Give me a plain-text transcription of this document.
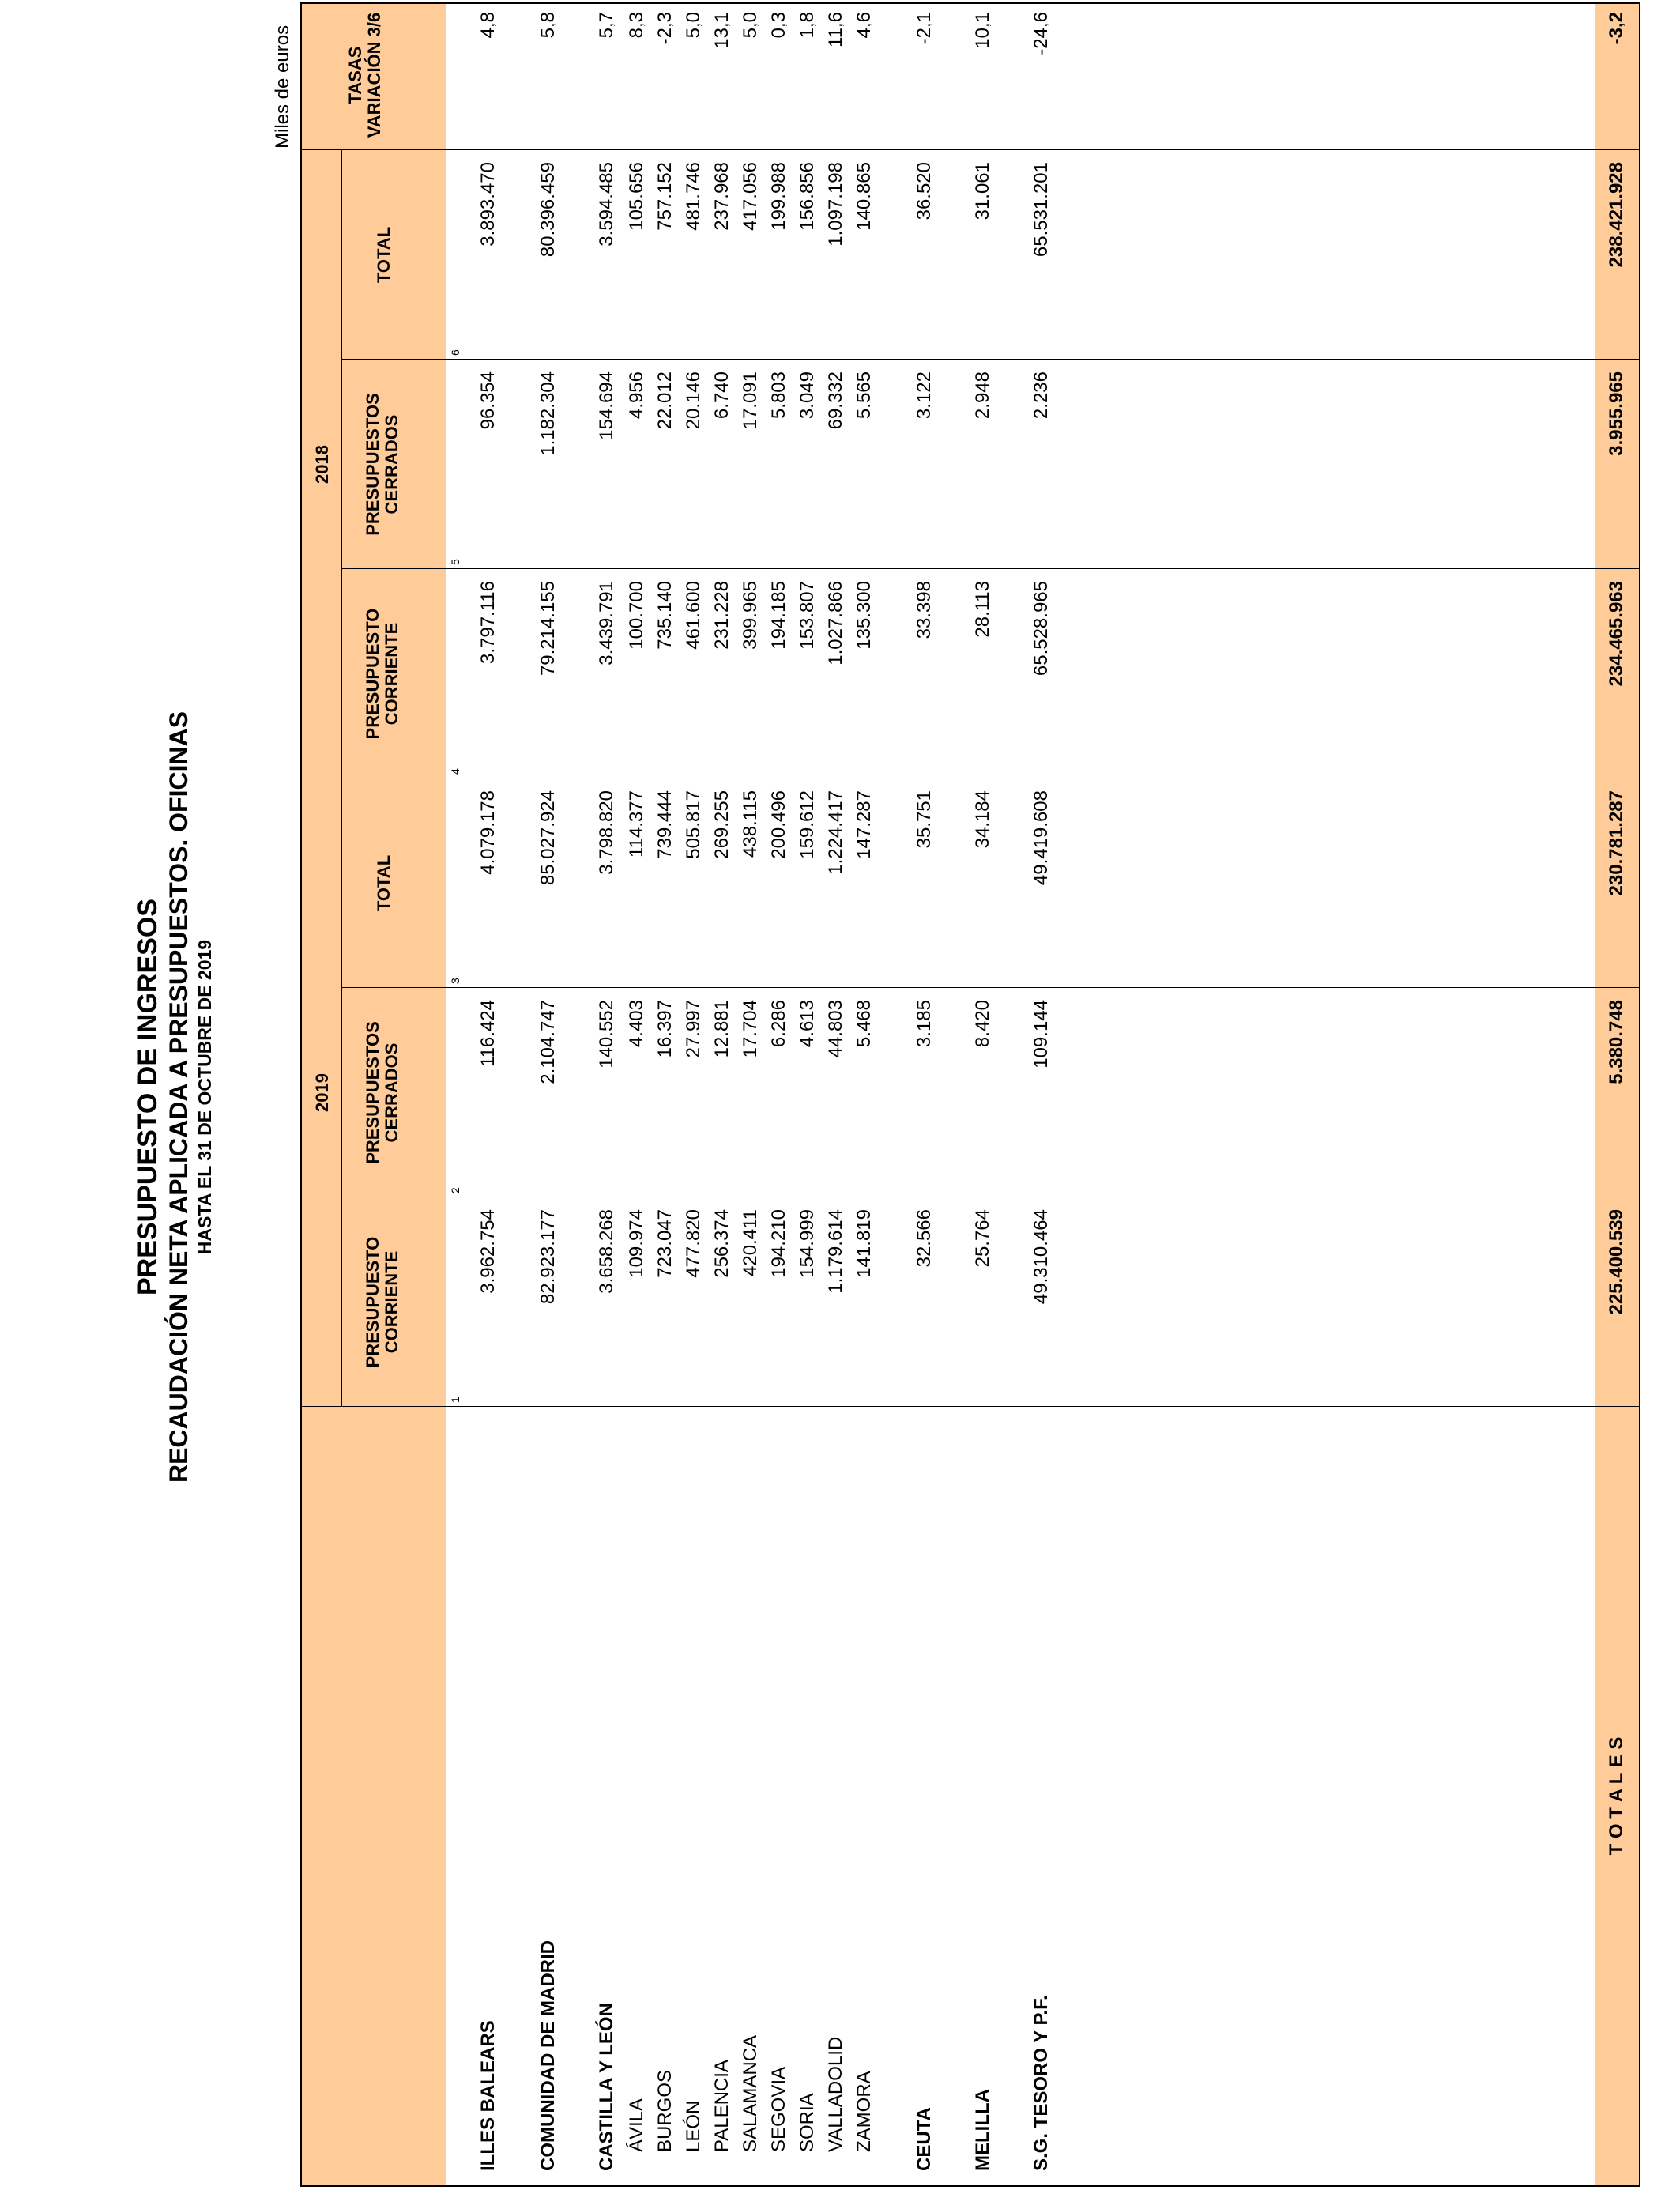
PRESUPUESTO DE INGRESOS RECAUDACIÓN NETA APLICADA A PRESUPUESTOS. OFICINAS HASTA EL 31 DE OCTUBRE DE 2019
Miles de euros
2019
2018
PRESUPUESTO CORRIENTE
PRESUPUESTOS CERRADOS
TOTAL
PRESUPUESTO CORRIENTE
PRESUPUESTOS CERRADOS
TOTAL
TASAS VARIACIÓN 3/6
1
2
3
4
5
6
ILLES BALEARS
3.962.754
116.424
4.079.178
3.797.116
96.354
3.893.470
4,8
COMUNIDAD DE MADRID
82.923.177
2.104.747
85.027.924
79.214.155
1.182.304
80.396.459
5,8
CASTILLA Y LEÓN
3.658.268
140.552
3.798.820
3.439.791
154.694
3.594.485
5,7
ÁVILA
109.974
4.403
114.377
100.700
4.956
105.656
8,3
BURGOS
723.047
16.397
739.444
735.140
22.012
757.152
-2,3
LEÓN
477.820
27.997
505.817
461.600
20.146
481.746
5,0
PALENCIA
256.374
12.881
269.255
231.228
6.740
237.968
13,1
SALAMANCA
420.411
17.704
438.115
399.965
17.091
417.056
5,0
SEGOVIA
194.210
6.286
200.496
194.185
5.803
199.988
0,3
SORIA
154.999
4.613
159.612
153.807
3.049
156.856
1,8
VALLADOLID
1.179.614
44.803
1.224.417
1.027.866
69.332
1.097.198
11,6
ZAMORA
141.819
5.468
147.287
135.300
5.565
140.865
4,6
CEUTA
32.566
3.185
35.751
33.398
3.122
36.520
-2,1
MELILLA
25.764
8.420
34.184
28.113
2.948
31.061
10,1
S.G. TESORO Y P.F.
49.310.464
109.144
49.419.608
65.528.965
2.236
65.531.201
-24,6
T O T A L E S
225.400.539
5.380.748
230.781.287
234.465.963
3.955.965
238.421.928
-3,2
